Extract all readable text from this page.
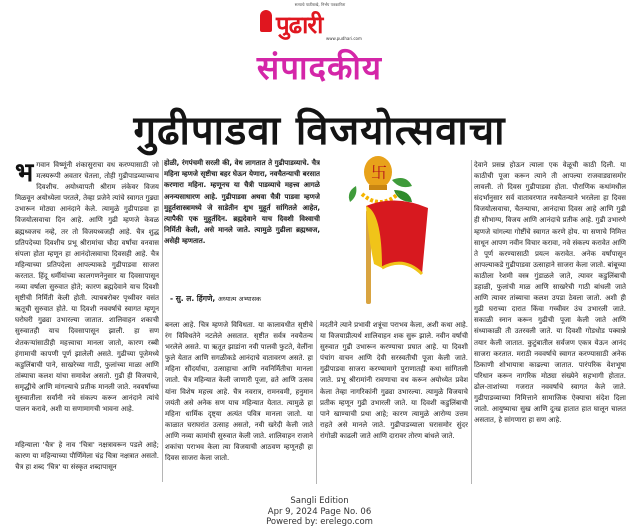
सत्याचे पाठीराखे, निर्भय पत्रकारिता
पुढारी www.pudhari.com
संपादकीय
गुढीपाडवा विजयोत्सवाचा

भगवान विष्णूंनी शंकासुराचा वध करण्यासाठी जो मत्स्यरूपी अवतार घेतला, तोही गुढीपाडव्याच्याच दिवशीच. अयोध्यापती श्रीराम लंकेवर विजय मिळवून अयोध्येला परतले, तेव्हा प्रजेने त्यांचे स्वागत गुढ्या उभारून मोठ्या आनंदाने केले. त्यामुळे गुढीपाडवा हा विजयोत्सवाचा दिन आहे. आणि गुढी म्हणजे केवळ ब्रह्मध्वजच नव्हे, तर तो विजयध्वजही आहे. चैत्र शुद्ध प्रतिपदेच्या दिवशीच प्रभू श्रीरामांचा चौदा वर्षांचा वनवास संपला होता म्हणून हा आनंदोत्सवाचा दिवसही आहे. चैत्र महिन्याच्या प्रतिपदेला आपल्याकडे गुढीपाडवा साजरा करतात. हिंदू धर्मीयांच्या कालगणनेनुसार या दिवसापासून नव्या वर्षाला सुरुवात होते; कारण ब्रह्मदेवाने याच दिवशी सृष्टीची निर्मिती केली होती. त्याचबरोबर पृथ्वीवर वसंत ऋतूची सुरुवात होते. या दिवशी नववर्षाचे स्वागत म्हणून घरोघरी गुढ्या उभारल्या जातात. शालिवाहन शकाची सुरुवातही याच दिवसापासून झाली. हा सण शेतकऱ्यांसाठीही महत्त्वाचा मानला जातो, कारण रब्बी हंगामाची कापणी पूर्ण झालेली असते. गुढीच्या पूजेमध्ये कडुलिंबाची पाने, साखरेच्या गाठी, फुलांच्या माळा आणि तांब्याचा कलश यांचा समावेश असतो. गुढी ही विजयाचे, समृद्धीचे आणि मांगल्याचे प्रतीक मानली जाते. नववर्षाच्या सुरुवातीला सर्वांनी नवे संकल्प करून आनंदाने त्यांचे पालन करावे, अशी या सणामागची भावना आहे.

होळी, रंगपंचमी सरली की, वेध लागतात ते गुढीपाडव्याचे. चैत्र महिना म्हणजे सृष्टीचा बहर घेऊन येणारा, नवचैतन्याची बरसात करणारा महिना. म्हणूनच या चैत्री पाडव्याचे महत्त्व आगळे अनन्यसाधारण आहे. गुढीपाडवा अथवा चैत्री पाडवा म्हणजे मुहूर्तशास्त्रामध्ये जे साडेतीन शुभ मुहूर्त सांगितले आहेत, त्यापैकी एक मुहूर्तदिन. ब्रह्मदेवाने याच दिवशी विश्वाची निर्मिती केली, असे मानले जाते. त्यामुळे गुढीला ब्रह्मध्वज, असेही म्हणतात.
- सु. ल. हिंगणे, अध्यात्म अभ्यासक
卐

बनला आहे. चित्र म्हणजे विविधता. या कालावधीत सृष्टीचे रंग विविधतेने नटलेले असतात. सृष्टीत सर्वत्र नवचैतन्य भरलेले असते. या ऋतूत झाडांना नवी पालवी फुटते, वेलींना फुले येतात आणि सगळीकडे आनंदाचे वातावरण असते. हा महिना सौंदर्याचा, उत्साहाचा आणि नवनिर्मितीचा मानला जातो. चैत्र महिन्यात केली जाणारी पूजा, व्रते आणि उत्सव यांना विशेष महत्त्व आहे. चैत्र नवरात्र, रामनवमी, हनुमान जयंती असे अनेक सण याच महिन्यात येतात. त्यामुळे हा महिना धार्मिक दृष्ट्या अत्यंत पवित्र मानला जातो. या काळात घराघरांत उत्साह असतो, नवी खरेदी केली जाते आणि नव्या कामांची सुरुवात केली जाते. शालिवाहन राजाने शकांचा पराभव केला त्या विजयाची आठवण म्हणूनही हा दिवस साजरा केला जातो.

मदतीने त्याने प्रभावी शत्रूंचा पराभव केला, अशी कथा आहे. या विजयाप्रीत्यर्थ शालिवाहन शक सुरू झाले. नवीन वर्षाची सुरुवात गुढी उभारून करण्याचा प्रघात आहे. या दिवशी पंचांग वाचन आणि देवी सरस्वतीची पूजा केली जाते. गुढीपाडवा साजरा करण्यामागे पुराणातही कथा सांगितली जाते. प्रभू श्रीरामांनी रावणाचा वध करून अयोध्येत प्रवेश केला तेव्हा नागरिकांनी गुढ्या उभारल्या. त्यामुळे विजयाचे प्रतीक म्हणून गुढी उभारली जाते. या दिवशी कडुलिंबाची पाने खाण्याची प्रथा आहे; कारण त्यामुळे आरोग्य उत्तम राहते असे मानले जाते. गुढीपाडव्याला घरासमोर सुंदर रांगोळी काढली जाते आणि दारावर तोरण बांधले जाते.

महिन्याला 'चैत्र' हे नाव 'चित्रा' नक्षत्रावरून पडले आहे; कारण या महिन्याच्या पौर्णिमेला चंद्र चित्रा नक्षत्रात असतो. चैत्र हा शब्द 'चित्र' या संस्कृत शब्दापासून

देवाने प्रसन्न होऊन त्याला एक वेळूची काठी दिली. या काठीची पूजा करून त्याने ती आपल्या राजवाड्यासमोर लावली. तो दिवस गुढीपाडवा होता. पौराणिक कथांमधील संदर्भांनुसार सर्व वातावरणात नवचैतन्याने भरलेला हा दिवस विजयोत्सवाचा, चैतन्याचा, आनंदाचा दिवस आहे आणि गुढी ही सौभाग्य, विजय आणि आनंदाचे प्रतीक आहे. गुढी उभारणे म्हणजे चांगल्या गोष्टींचे स्वागत करणे होय. या सणाचे निमित्त साधून आपण नवीन विचार करावा, नवे संकल्प करावेत आणि ते पूर्ण करण्यासाठी प्रयत्न करावेत. अनेक वर्षांपासून आपल्याकडे गुढीपाडवा उत्साहाने साजरा केला जातो. बांबूच्या काठीला रेशमी वस्त्र गुंडाळले जाते, त्यावर कडुलिंबाची डहाळी, फुलांची माळ आणि साखरेची गाठी बांधली जाते आणि त्यावर तांब्याचा कलश उपडा ठेवला जातो. अशी ही गुढी घराच्या दारात किंवा गच्चीवर उंच उभारली जाते. सकाळी स्नान करून गुढीची पूजा केली जाते आणि संध्याकाळी ती उतरवली जाते. या दिवशी गोडधोड पक्वान्ने तयार केली जातात. कुटुंबातील सर्वजण एकत्र येऊन आनंद साजरा करतात. मराठी नववर्षाचे स्वागत करण्यासाठी अनेक ठिकाणी शोभायात्रा काढल्या जातात. पारंपरिक वेशभूषा परिधान करून नागरिक मोठ्या संख्येने सहभागी होतात. ढोल-ताशांच्या गजरात नववर्षाचे स्वागत केले जाते. गुढीपाडव्याच्या निमित्ताने सामाजिक ऐक्याचा संदेश दिला जातो. आयुष्याचा सुख आणि दुःख हातात हात घालून चालत असतात, हे सांगणारा हा सण आहे.

Sangli Edition
Apr 9, 2024 Page No. 06
Powered by: erelego.com
